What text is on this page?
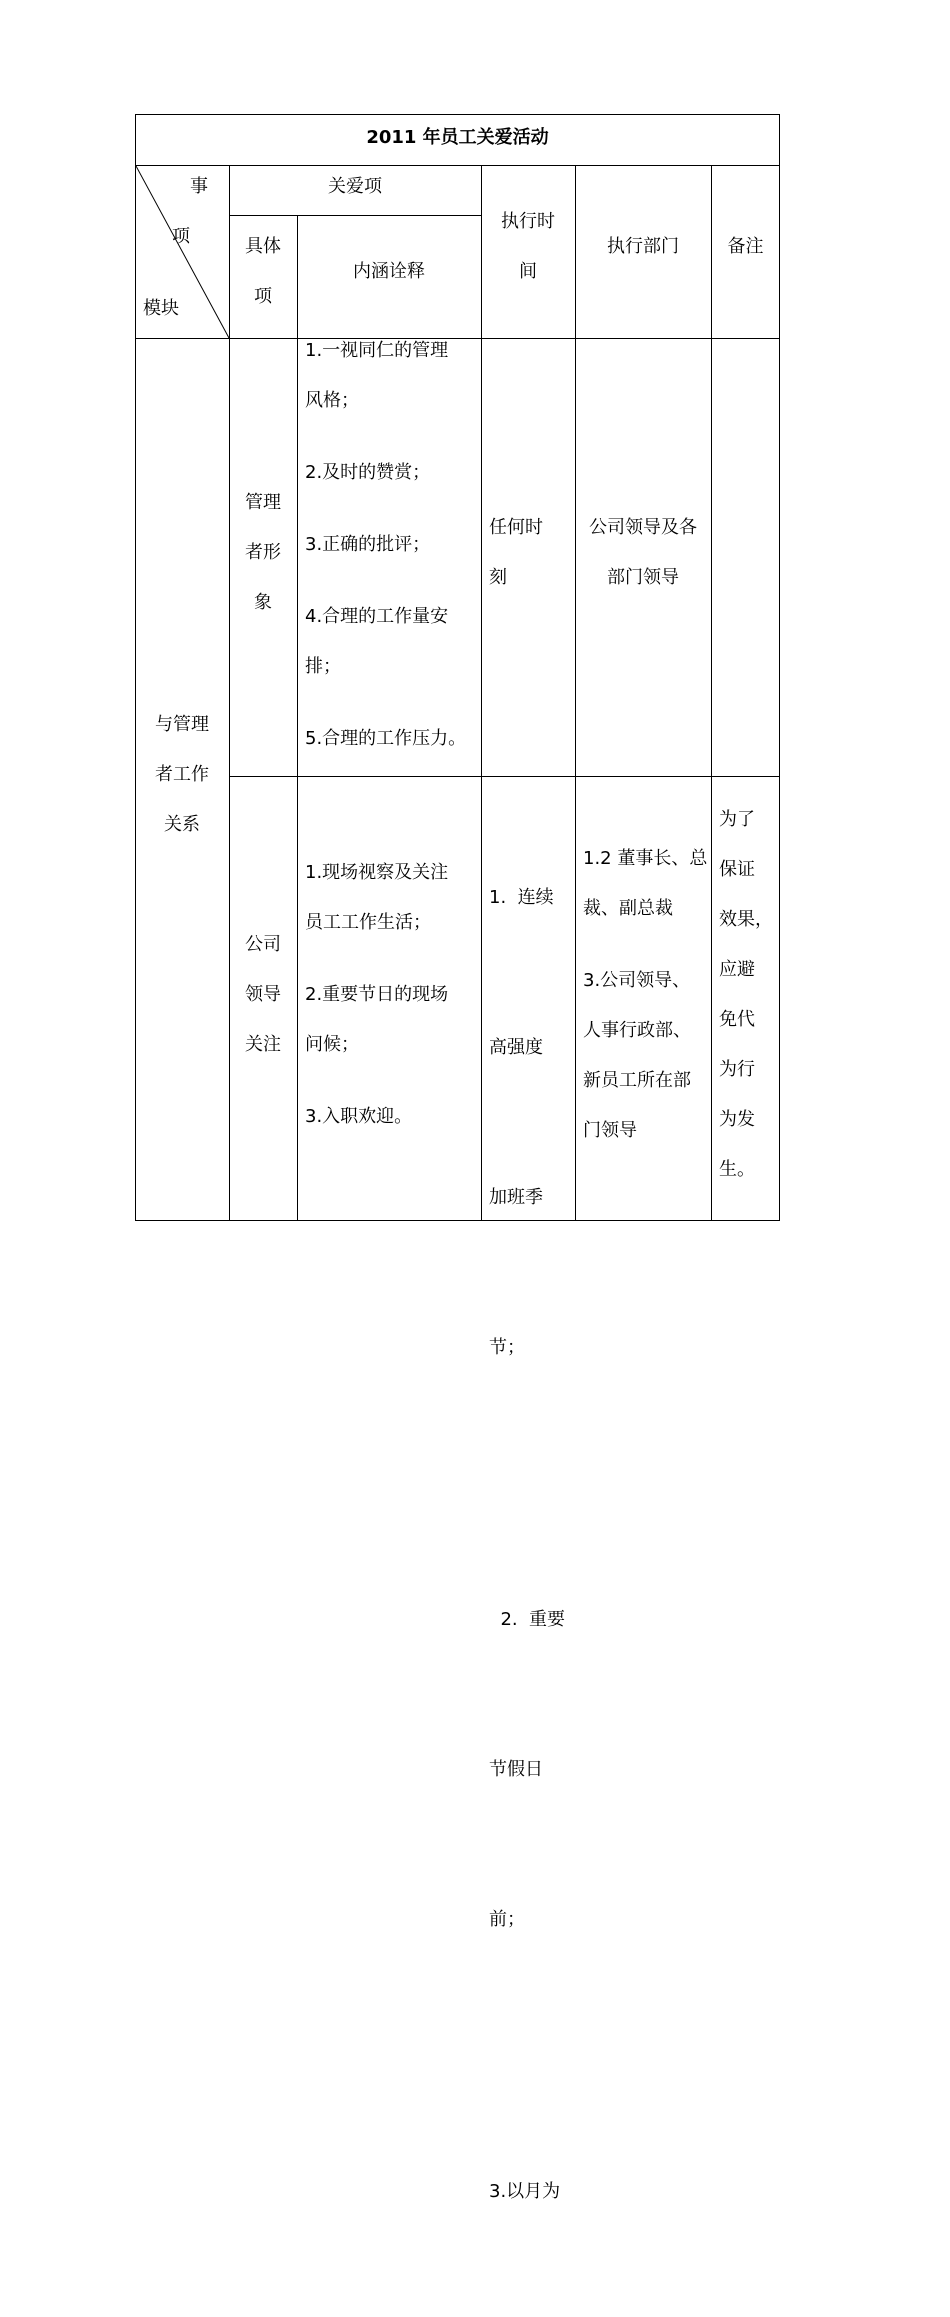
2011 年员工关爱活动
事
项
模块
关爱项
具体
项
内涵诠释
执行时
间
执行部门	备注
与管理
者工作
关系
管理
者形
象
1.一视同仁的管理
风格；
2.及时的赞赏；
3.正确的批评；
4.合理的工作量安
排；
5.合理的工作压力。
任何时
刻
公司领导及各
部门领导
公司
领导
关注
1.现场视察及关注
员工工作生活；
2.重要节日的现场
问候；
3.入职欢迎。

1.  连续

高强度

加班季

节；

2.  重要

节假日

前；

3.以月为

1.2 董事长、总
裁、副总裁
3.公司领导、
人事行政部、
新员工所在部
门领导
为了
保证
效果，
应避
免代
为行
为发
生。
